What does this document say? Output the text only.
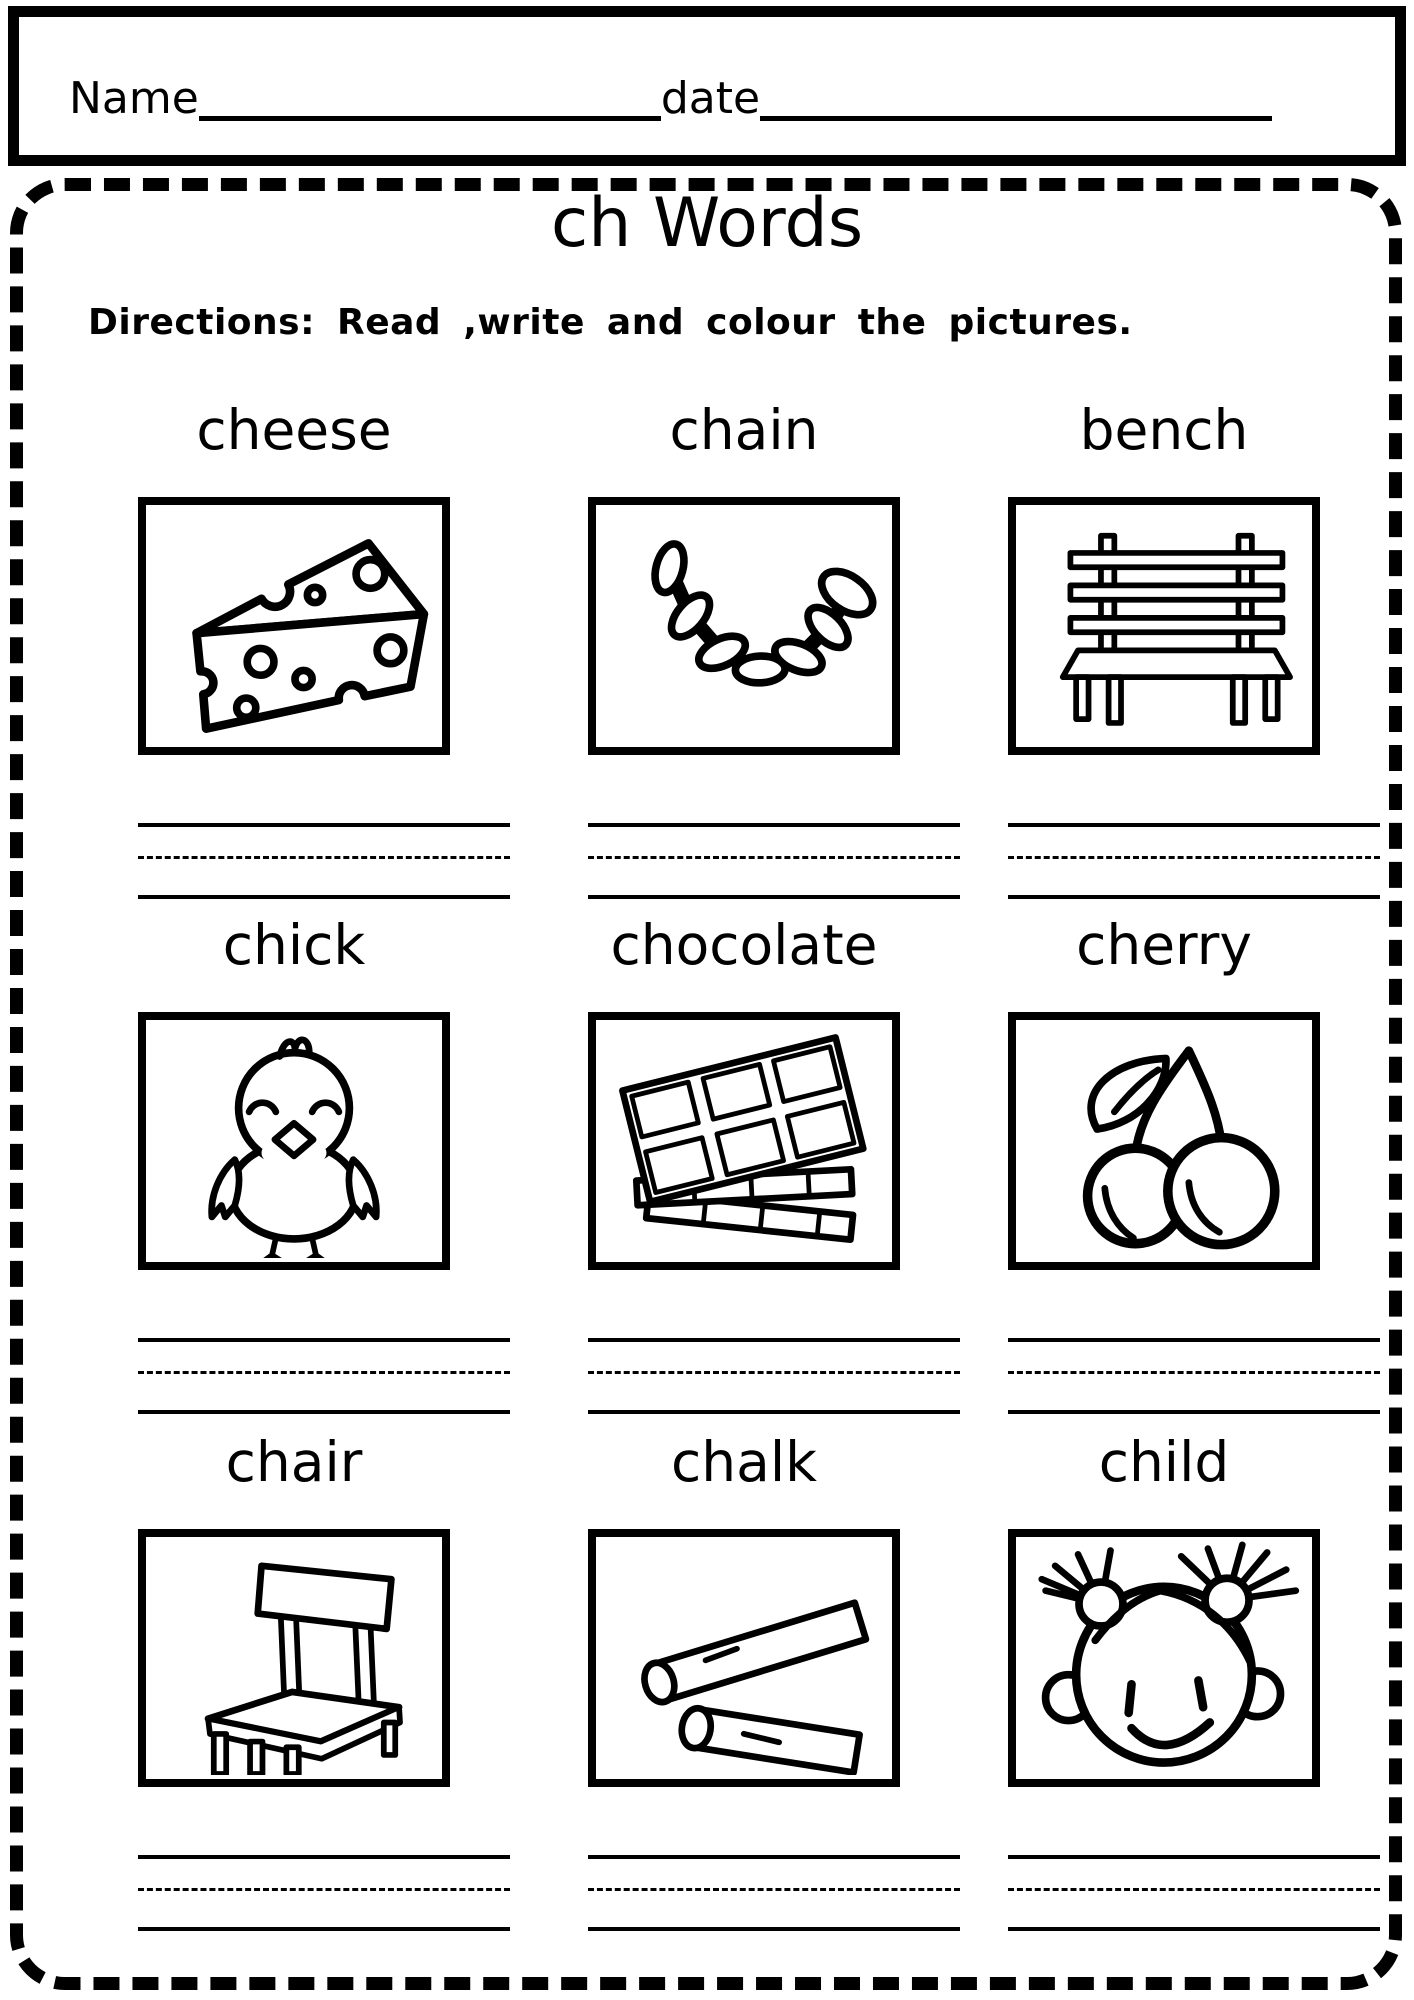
Name	date
ch Words
Directions: Read ,write and colour the pictures.
cheese	chain	bench
chick	chocolate	cherry
chair	chalk	child
